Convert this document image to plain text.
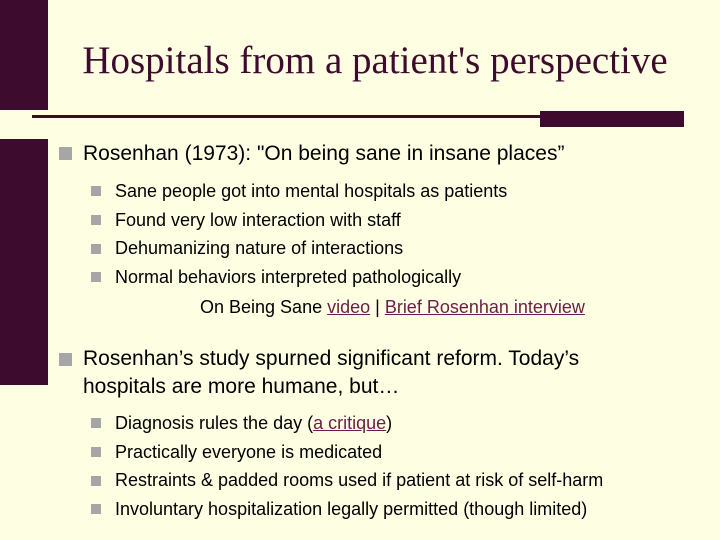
Hospitals from a patient's perspective
Rosenhan (1973): "On being sane in insane places”
Sane people got into mental hospitals as patients
Found very low interaction with staff
Dehumanizing nature of interactions
Normal behaviors interpreted pathologically
On Being Sane video | Brief Rosenhan interview
Rosenhan’s study spurned significant reform. Today’s
hospitals are more humane, but…
Diagnosis rules the day (a critique)
Practically everyone is medicated
Restraints & padded rooms used if patient at risk of self-harm
Involuntary hospitalization legally permitted (though limited)
